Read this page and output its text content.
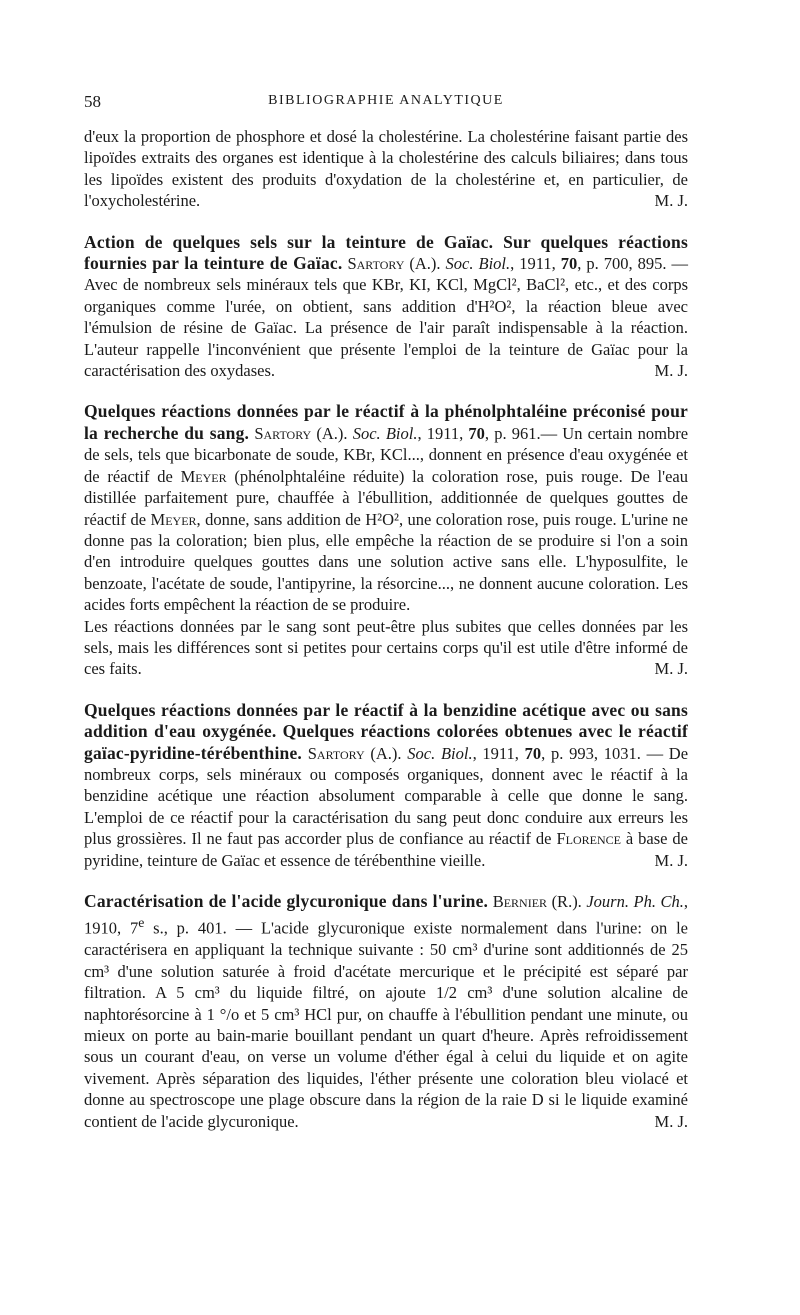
58	BIBLIOGRAPHIE ANALYTIQUE

d'eux la proportion de phosphore et dosé la cholestérine. La cholestérine faisant partie des lipoïdes extraits des organes est identique à la cholestérine des calculs biliaires; dans tous les lipoïdes existent des produits d'oxydation de la cholestérine et, en particulier, de l'oxycholestérine.	M. J.

Action de quelques sels sur la teinture de Gaïac. Sur quelques réactions fournies par la teinture de Gaïac. Sartory (A.). Soc. Biol., 1911, 70, p. 700, 895. — Avec de nombreux sels minéraux tels que KBr, KI, KCl, MgCl², BaCl², etc., et des corps organiques comme l'urée, on obtient, sans addition d'H²O², la réaction bleue avec l'émulsion de résine de Gaïac. La présence de l'air paraît indispensable à la réaction. L'auteur rappelle l'inconvénient que présente l'emploi de la teinture de Gaïac pour la caractérisation des oxydases.	M. J.

Quelques réactions données par le réactif à la phénolphtaléine préconisé pour la recherche du sang. Sartory (A.). Soc. Biol., 1911, 70, p. 961.— Un certain nombre de sels, tels que bicarbonate de soude, KBr, KCl..., donnent en présence d'eau oxygénée et de réactif de Meyer (phénolphtaléine réduite) la coloration rose, puis rouge. De l'eau distillée parfaitement pure, chauffée à l'ébullition, additionnée de quelques gouttes de réactif de Meyer, donne, sans addition de H²O², une coloration rose, puis rouge. L'urine ne donne pas la coloration; bien plus, elle empêche la réaction de se produire si l'on a soin d'en introduire quelques gouttes dans une solution active sans elle. L'hyposulfite, le benzoate, l'acétate de soude, l'antipyrine, la résorcine..., ne donnent aucune coloration. Les acides forts empêchent la réaction de se produire.

Les réactions données par le sang sont peut-être plus subites que celles données par les sels, mais les différences sont si petites pour certains corps qu'il est utile d'être informé de ces faits.	M. J.

Quelques réactions données par le réactif à la benzidine acétique avec ou sans addition d'eau oxygénée. Quelques réactions colorées obtenues avec le réactif gaïac-pyridine-térébenthine. Sartory (A.). Soc. Biol., 1911, 70, p. 993, 1031. — De nombreux corps, sels minéraux ou composés organiques, donnent avec le réactif à la benzidine acétique une réaction absolument comparable à celle que donne le sang. L'emploi de ce réactif pour la caractérisation du sang peut donc conduire aux erreurs les plus grossières. Il ne faut pas accorder plus de confiance au réactif de Florence à base de pyridine, teinture de Gaïac et essence de térébenthine vieille.	M. J.

Caractérisation de l'acide glycuronique dans l'urine. Bernier (R.). Journ. Ph. Ch., 1910, 7e s., p. 401. — L'acide glycuronique existe normalement dans l'urine: on le caractérisera en appliquant la technique suivante : 50 cm³ d'urine sont additionnés de 25 cm³ d'une solution saturée à froid d'acétate mercurique et le précipité est séparé par filtration. A 5 cm³ du liquide filtré, on ajoute 1/2 cm³ d'une solution alcaline de naphtorésorcine à 1 °/o et 5 cm³ HCl pur, on chauffe à l'ébullition pendant une minute, ou mieux on porte au bain-marie bouillant pendant un quart d'heure. Après refroidissement sous un courant d'eau, on verse un volume d'éther égal à celui du liquide et on agite vivement. Après séparation des liquides, l'éther présente une coloration bleu violacé et donne au spectroscope une plage obscure dans la région de la raie D si le liquide examiné contient de l'acide glycuronique.	M. J.
